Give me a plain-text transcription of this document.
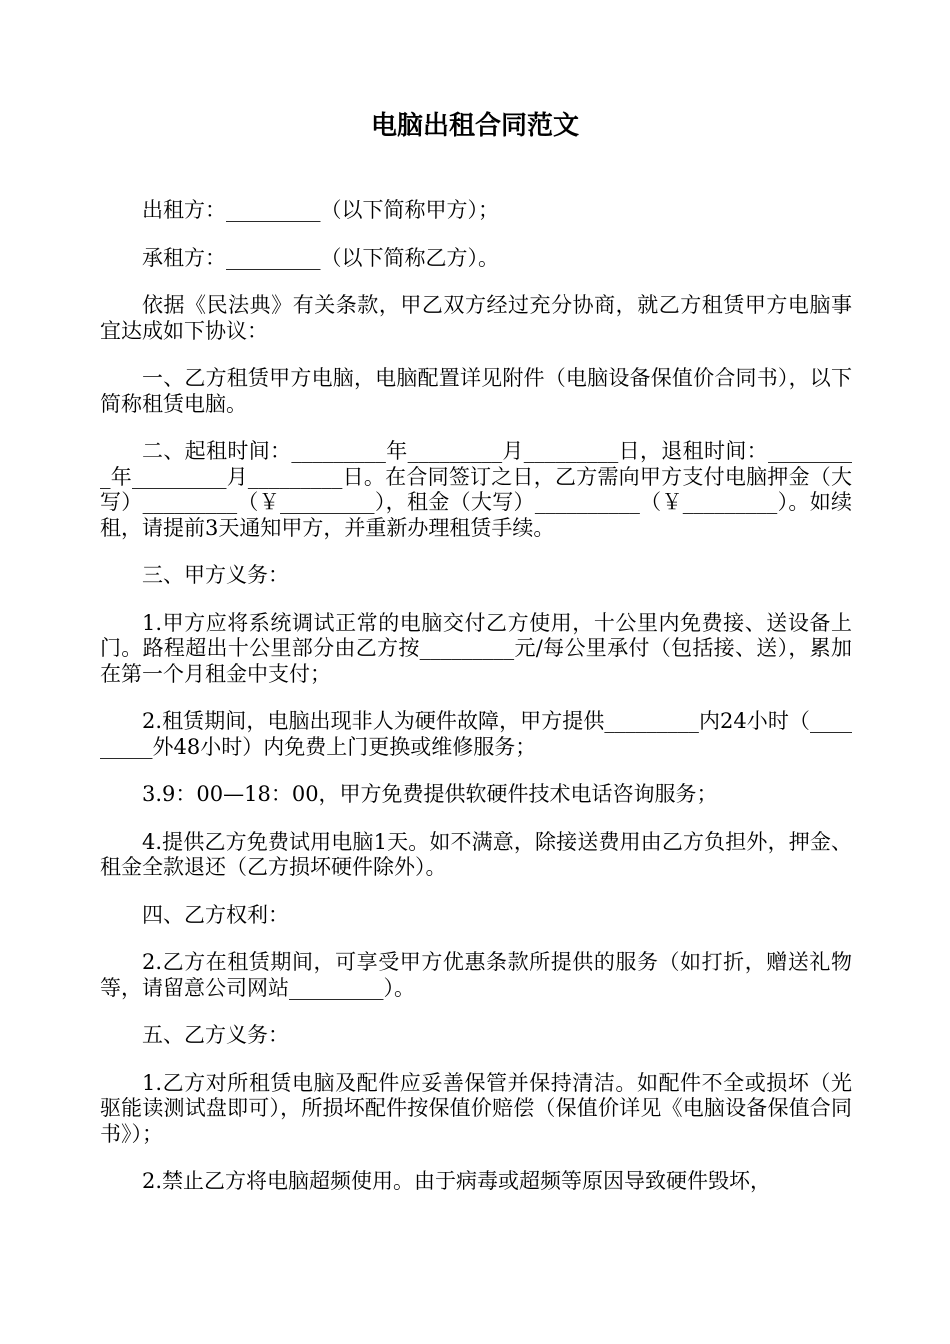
电脑出租合同范文

出租方：_________（以下简称甲方）；

承租方：_________（以下简称乙方）。

依据《民法典》有关条款，甲乙双方经过充分协商，就乙方租赁甲方电脑事宜达成如下协议：

一、乙方租赁甲方电脑，电脑配置详见附件（电脑设备保值价合同书），以下简称租赁电脑。

二、起租时间：_________年_________月_________日，退租时间：_________年_________月_________日。在合同签订之日，乙方需向甲方支付电脑押金（大写）_________（￥_________），租金（大写）__________（￥_________）。如续租，请提前3天通知甲方，并重新办理租赁手续。

三、甲方义务：

1.甲方应将系统调试正常的电脑交付乙方使用，十公里内免费接、送设备上门。路程超出十公里部分由乙方按_________元/每公里承付（包括接、送），累加在第一个月租金中支付；

2.租赁期间，电脑出现非人为硬件故障，甲方提供_________内24小时（_________外48小时）内免费上门更换或维修服务；

3.9：00—18：00，甲方免费提供软硬件技术电话咨询服务；

4.提供乙方免费试用电脑1天。如不满意，除接送费用由乙方负担外，押金、租金全款退还（乙方损坏硬件除外）。

四、乙方权利：

2.乙方在租赁期间，可享受甲方优惠条款所提供的服务（如打折，赠送礼物等，请留意公司网站_________）。

五、乙方义务：

1.乙方对所租赁电脑及配件应妥善保管并保持清洁。如配件不全或损坏（光驱能读测试盘即可），所损坏配件按保值价赔偿（保值价详见《电脑设备保值合同书》）；

2.禁止乙方将电脑超频使用。由于病毒或超频等原因导致硬件毁坏，
